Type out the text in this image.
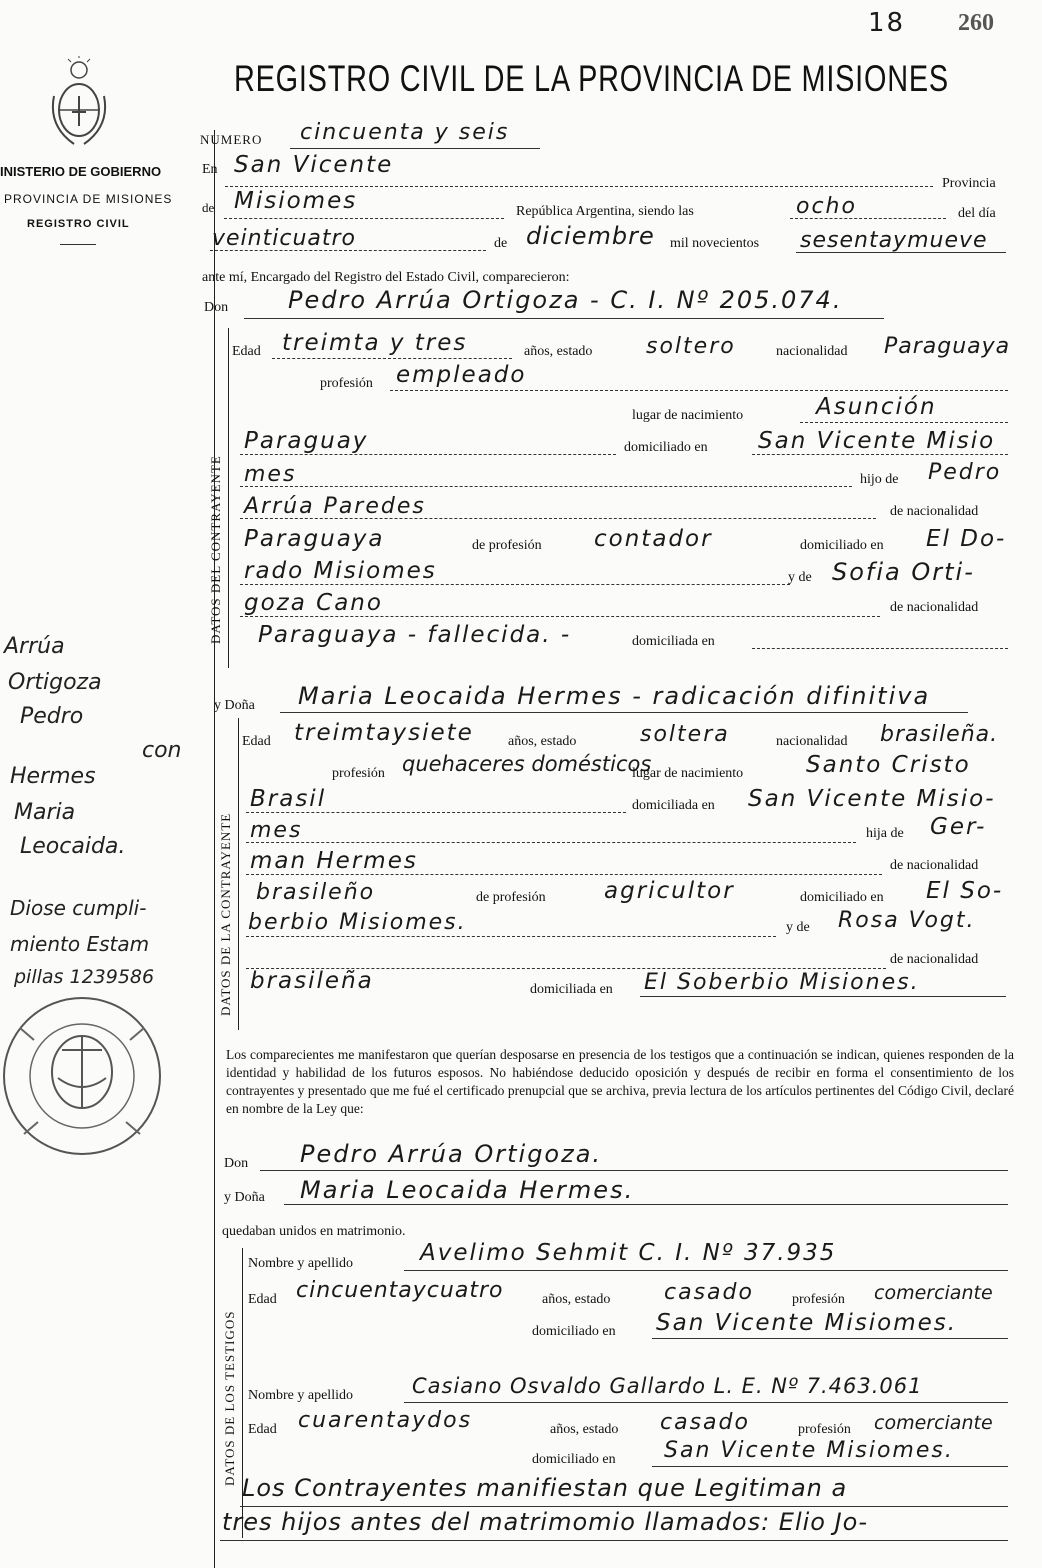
INISTERIO DE GOBIERNO
PROVINCIA DE MISIONES
REGISTRO CIVIL
18 260
REGISTRO CIVIL DE LA PROVINCIA DE MISIONES
NUMERO cincuenta y seis
En San Vicente
Provincia
de Misiomes	República Argentina, siendo las	ocho	del día
veinticuatro	de diciembre mil novecientos sesentaymueve
ante mí, Encargado del Registro del Estado Civil, comparecieron:
Don Pedro Arrúa Ortigoza - C. I. Nº 205.074.
DATOS DEL CONTRAYENTE
Edad treimta y tres	años, estado soltero	nacionalidad Paraguaya
profesión empleado
lugar de nacimiento	Asunción
Paraguay	domiciliado en San Vicente Misio
mes	hijo de Pedro
Arrúa Paredes	de nacionalidad
Paraguaya	de profesión contador	domiciliado en El Do-
rado Misiomes	y de Sofia Orti-
goza Cano	de nacionalidad
Paraguaya - fallecida. -	domiciliada en
y Doña Maria Leocaida Hermes - radicación difinitiva
DATOS DE LA CONTRAYENTE
Edad treimtaysiete años, estado	soltera	nacionalidad brasileña.
profesión quehaceres domésticos
lugar de nacimiento	Santo Cristo
Brasil	domiciliada en San Vicente Misio-
mes	hija de Ger-
man Hermes	de nacionalidad
brasileño	de profesión	agricultor	domiciliado en El So-
berbio Misiomes.	y de Rosa Vogt.
de nacionalidad
brasileña	domiciliada en El Soberbio Misiones.
Los comparecientes me manifestaron que querían desposarse en presencia de los testigos que a continuación se indican, quienes responden de la identidad y habilidad de los futuros esposos. No habiéndose deducido oposición y después de recibir en forma el consentimiento de los contrayentes y presentado que me fué el certificado prenupcial que se archiva, previa lectura de los artículos pertinentes del Código Civil, declaré en nombre de la Ley que:
Don Pedro Arrúa Ortigoza.
y Doña Maria Leocaida Hermes.
quedaban unidos en matrimonio.
DATOS DE LOS TESTIGOS
Nombre y apellido	Avelimo Sehmit C. I. Nº 37.935
Edad cincuentaycuatro	años, estado casado	profesión comerciante
domiciliado en San Vicente Misiomes.
Nombre y apellido	Casiano Osvaldo Gallardo L. E. Nº 7.463.061
Edad cuarentaydos	años, estado casado	profesión comerciante
domiciliado en San Vicente Misiomes.
Los Contrayentes manifiestan que Legitiman a
tres hijos antes del matrimomio llamados: Elio Jo-
Arrúa
Ortigoza
Pedro
con
Hermes
Maria
Leocaida.
Diose cumpli-
miento Estam
pillas 1239586
